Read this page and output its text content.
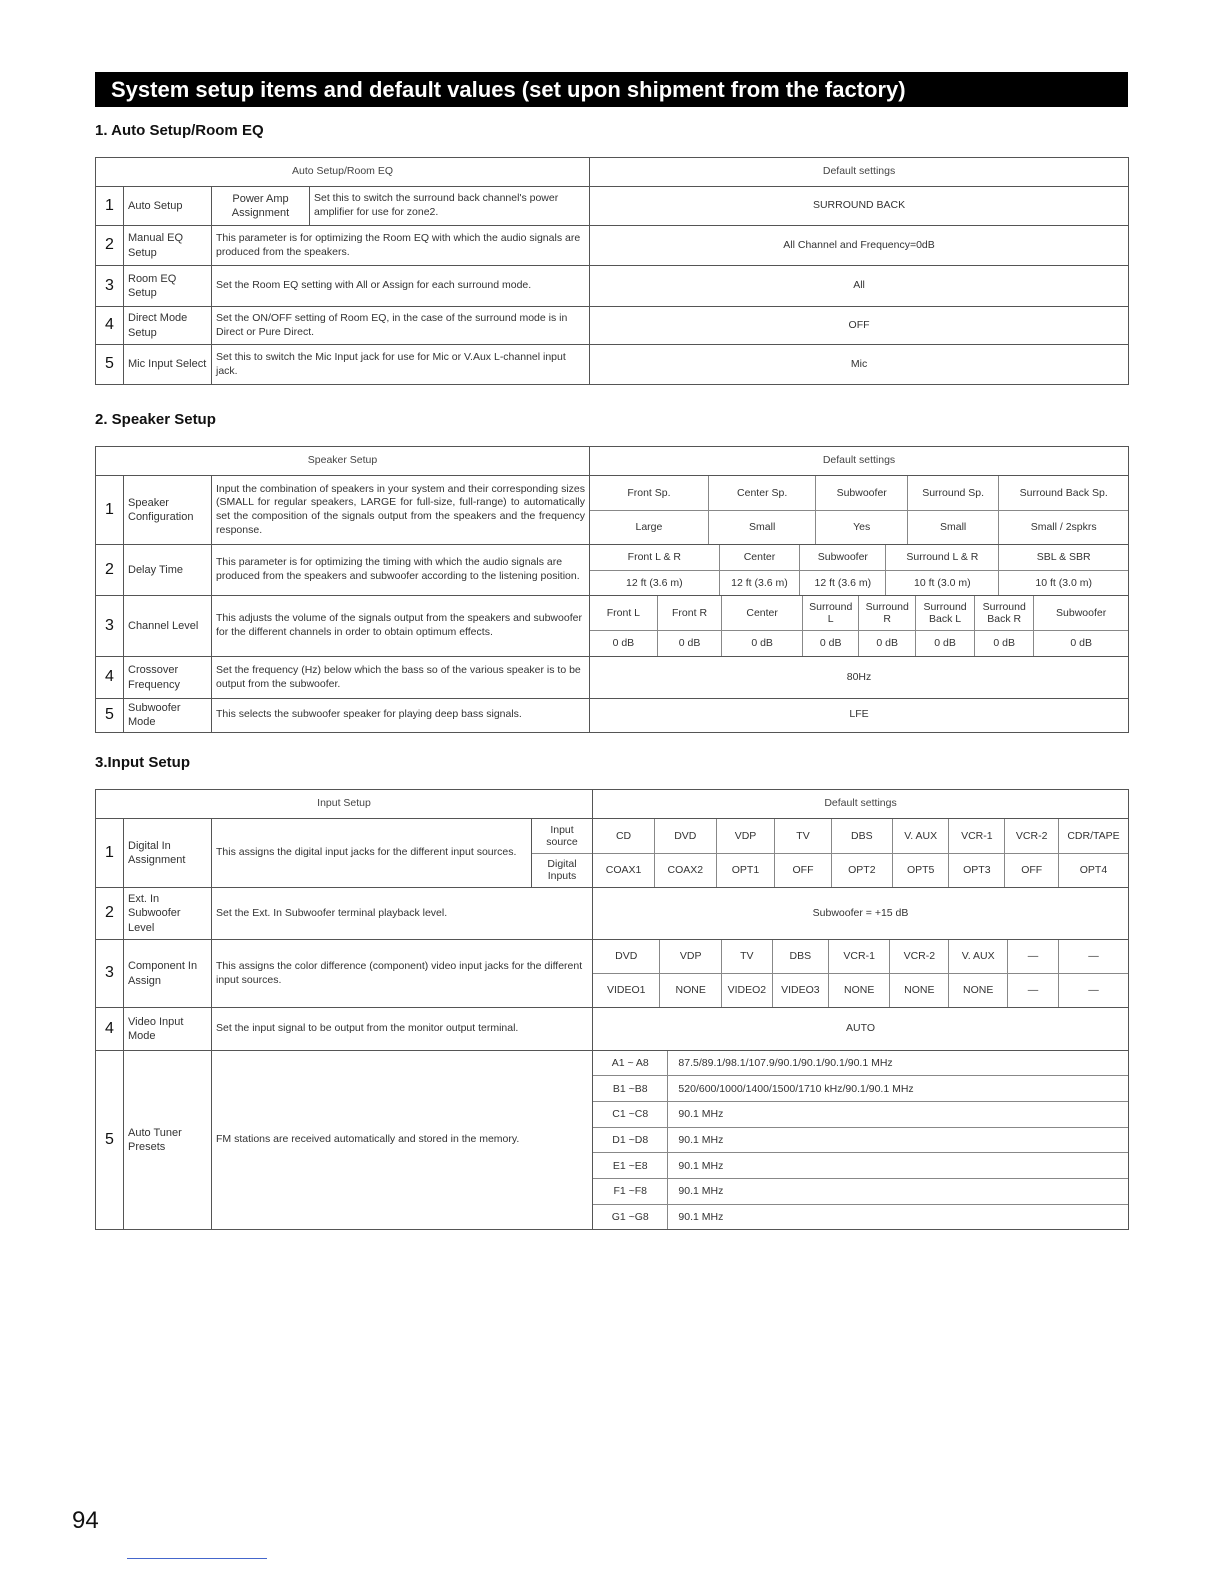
System setup items and default values (set upon shipment from the factory)
1. Auto Setup/Room EQ
Auto Setup/Room EQ				Default settings
1	Auto Setup	Power Amp Assignment	Set this to switch the surround back channel's power amplifier for use for zone2.	SURROUND BACK
2	Manual EQ Setup	This parameter is for optimizing the Room EQ with which the audio signals are produced from the speakers.		All Channel and Frequency=0dB
3	Room EQ Setup	Set the Room EQ setting with All or Assign for each surround mode.		All
4	Direct Mode Setup	Set the ON/OFF setting of Room EQ, in the case of the surround mode is in Direct or Pure Direct.		OFF
5	Mic Input Select	Set this to switch the Mic Input jack for use for Mic or V.Aux L-channel input jack.		Mic
2. Speaker Setup
Speaker Setup	Default settings
1	Speaker Configuration	Input the combination of speakers in your system and their corresponding sizes (SMALL for regular speakers, LARGE for full-size, full-range) to automatically set the composition of the signals output from the speakers and the frequency response.	
Front Sp.	Center Sp.	Subwoofer	Surround Sp.	Surround Back Sp.
Large	Small	Yes	Small	Small / 2spkrs

2	Delay Time	This parameter is for optimizing the timing with which the audio signals are produced from the speakers and subwoofer according to the listening position.	
Front L & R	Center	Subwoofer	Surround L & R	SBL & SBR
12 ft (3.6 m)	12 ft (3.6 m)	12 ft (3.6 m)	10 ft (3.0 m)	10 ft (3.0 m)

3	Channel Level	This adjusts the volume of the signals output from the speakers and subwoofer for the different channels in order to obtain optimum effects.	
Front L	Front R	Center	Surround L	Surround R	Surround Back L	Surround Back R	Subwoofer
0 dB	0 dB	0 dB	0 dB	0 dB	0 dB	0 dB	0 dB

4	Crossover Frequency	Set the frequency (Hz) below which the bass so of the various speaker is to be output from the subwoofer.	80Hz
5	Subwoofer Mode	This selects the subwoofer speaker for playing deep bass signals.	LFE
3.Input Setup
Input Setup	Default settings
1	Digital In Assignment	This assigns the digital input jacks for the different input sources.	
Input source
Digital Inputs

CD	DVD	VDP	TV	DBS	V. AUX	VCR-1	VCR-2	CDR/TAPE
COAX1	COAX2	OPT1	OFF	OPT2	OPT5	OPT3	OFF	OPT4

2	Ext. In Subwoofer Level	Set the Ext. In Subwoofer terminal playback level.	Subwoofer = +15 dB
3	Component In Assign	This assigns the color difference (component) video input jacks for the different input sources.	
DVD	VDP	TV	DBS	VCR-1	VCR-2	V. AUX	—	—
VIDEO1	NONE	VIDEO2	VIDEO3	NONE	NONE	NONE	—	—

4	Video Input Mode	Set the input signal to be output from the monitor output terminal.	AUTO
5	Auto Tuner Presets	FM stations are received automatically and stored in the memory.	
A1 ~ A8	87.5/89.1/98.1/107.9/90.1/90.1/90.1/90.1 MHz
B1 ~B8	520/600/1000/1400/1500/1710 kHz/90.1/90.1 MHz
C1 ~C8	90.1 MHz
D1 ~D8	90.1 MHz
E1 ~E8	90.1 MHz
F1 ~F8	90.1 MHz
G1 ~G8	90.1 MHz
94
